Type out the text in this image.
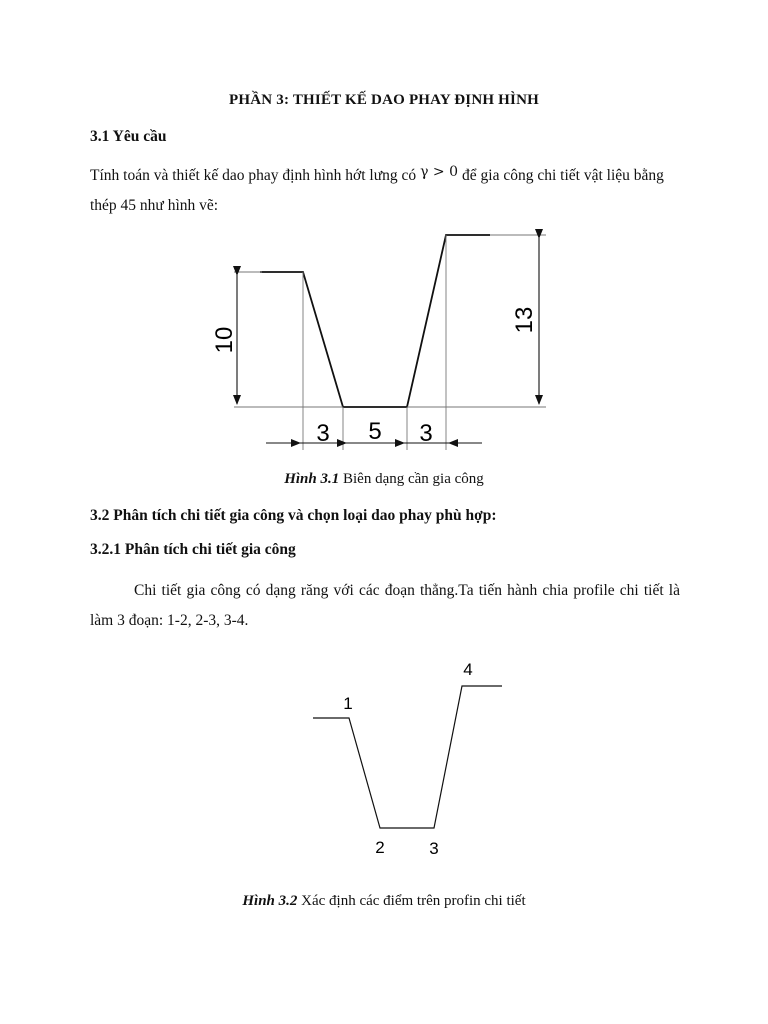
PHẦN 3: THIẾT KẾ DAO PHAY ĐỊNH HÌNH
3.1 Yêu cầu
Tính toán và thiết kế dao phay định hình hớt lưng có γ > 0 để gia công chi tiết vật liệu bằng thép 45 như hình vẽ:
10
13
3 5 3
Hình 3.1 Biên dạng cần gia công
3.2 Phân tích chi tiết gia công và chọn loại dao phay phù hợp:
3.2.1 Phân tích chi tiết gia công
Chi tiết gia công có dạng răng với các đoạn thẳng.Ta tiến hành chia profile chi tiết là làm 3 đoạn: 1-2, 2-3, 3-4.
1
2	3
4
Hình 3.2 Xác định các điểm trên profin chi tiết
